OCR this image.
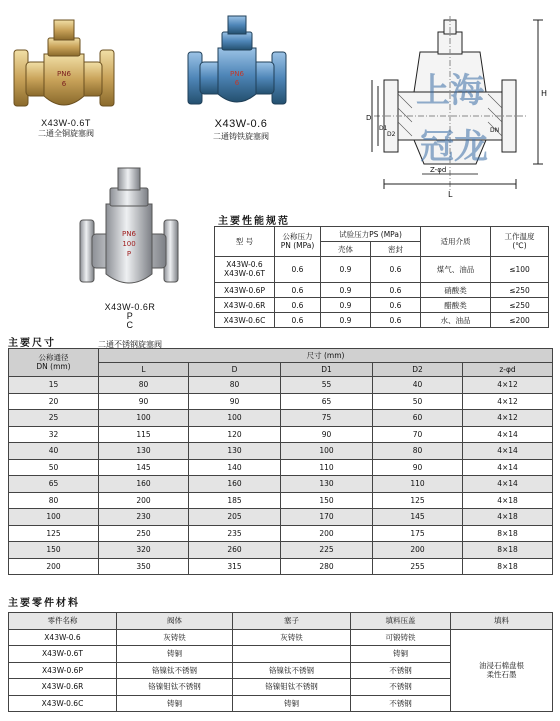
PN6
6
X43W-0.6T
二通全铜旋塞阀
PN6
6
X43W-0.6
二通铸铁旋塞阀
PN6
100
P

X43W-0.6R
P
C

二通不锈钢旋塞阀

H
L
D
D1
D2
Z-φd
DN
上海
冠龙
主要性能规范
型 号	公称压力
PN (MPa)	试验压力PS (MPa)		适用介质	工作温度
(℃)
		壳体	密封		
X43W-0.6
X43W-0.6T	0.6	0.9	0.6	煤气、油品	≤100
X43W-0.6P	0.6	0.9	0.6	硝酸类	≤250
X43W-0.6R	0.6	0.9	0.6	醋酸类	≤250
X43W-0.6C	0.6	0.9	0.6	水、油品	≤200
主要尺寸
公称通径
DN (mm)	尺寸 (mm)				
	L	D	D1	D2	z-φd
15	80	80	55	40	4×12
20	90	90	65	50	4×12
25	100	100	75	60	4×12
32	115	120	90	70	4×14
40	130	130	100	80	4×14
50	145	140	110	90	4×14
65	160	160	130	110	4×14
80	200	185	150	125	4×18
100	230	205	170	145	4×18
125	250	235	200	175	8×18
150	320	260	225	200	8×18
200	350	315	280	255	8×18
主要零件材料
零件名称	阀体	塞子	填料压盖	填料
X43W-0.6	灰铸铁	灰铸铁	可锻铸铁	油浸石棉盘根
柔性石墨
X43W-0.6T	铸铜		铸铜	
X43W-0.6P	铬镍钛不锈钢	铬镍钛不锈钢	不锈钢	
X43W-0.6R	铬镍钼钛不锈钢	铬镍钼钛不锈钢	不锈钢	
X43W-0.6C	铸铜	铸铜	不锈钢	
